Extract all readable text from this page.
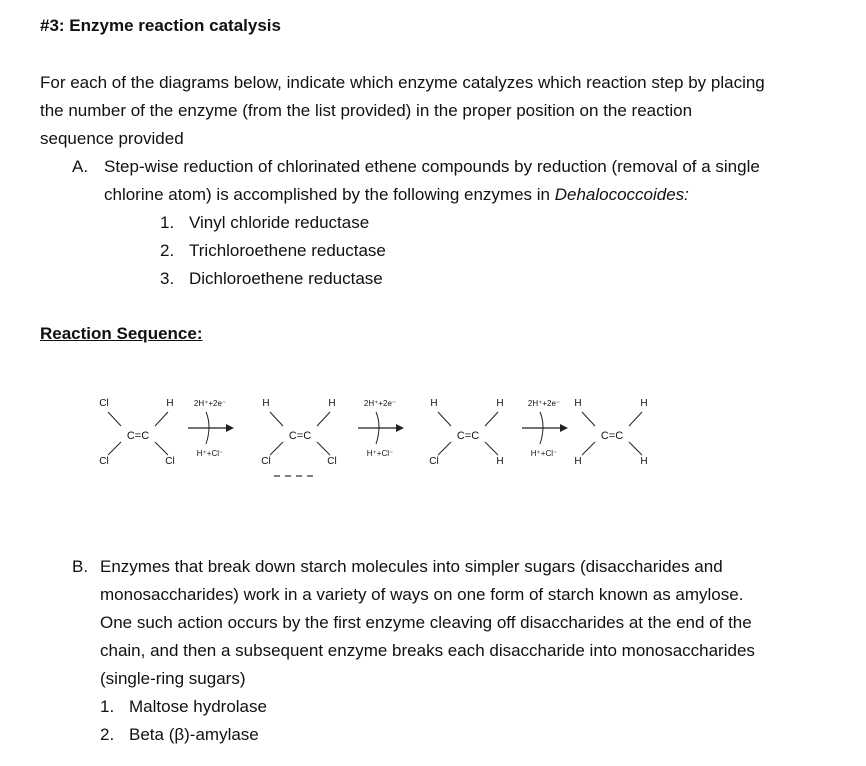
#3: Enzyme reaction catalysis
For each of the diagrams below, indicate which enzyme catalyzes which reaction step by placing
the number of the enzyme (from the list provided) in the proper position on the reaction
sequence provided
A. Step-wise reduction of chlorinated ethene compounds by reduction (removal of a single
chlorine atom) is accomplished by the following enzymes in Dehalococcoides:
1. Vinyl chloride reductase
2. Trichloroethene reductase
3. Dichloroethene reductase
Reaction Sequence:
Cl	H
Cl	Cl
C=C
H	H
Cl	Cl
C=C
H	H
Cl	H
C=C
H	H
H	H
C=C
2H⁺+2e⁻
H⁺+Cl⁻
2H⁺+2e⁻
H⁺+Cl⁻
2H⁺+2e⁻
H⁺+Cl⁻
B. Enzymes that break down starch molecules into simpler sugars (disaccharides and
monosaccharides) work in a variety of ways on one form of starch known as amylose.
One such action occurs by the first enzyme cleaving off disaccharides at the end of the
chain, and then a subsequent enzyme breaks each disaccharide into monosaccharides
(single-ring sugars)
1. Maltose hydrolase
2. Beta (β)-amylase
